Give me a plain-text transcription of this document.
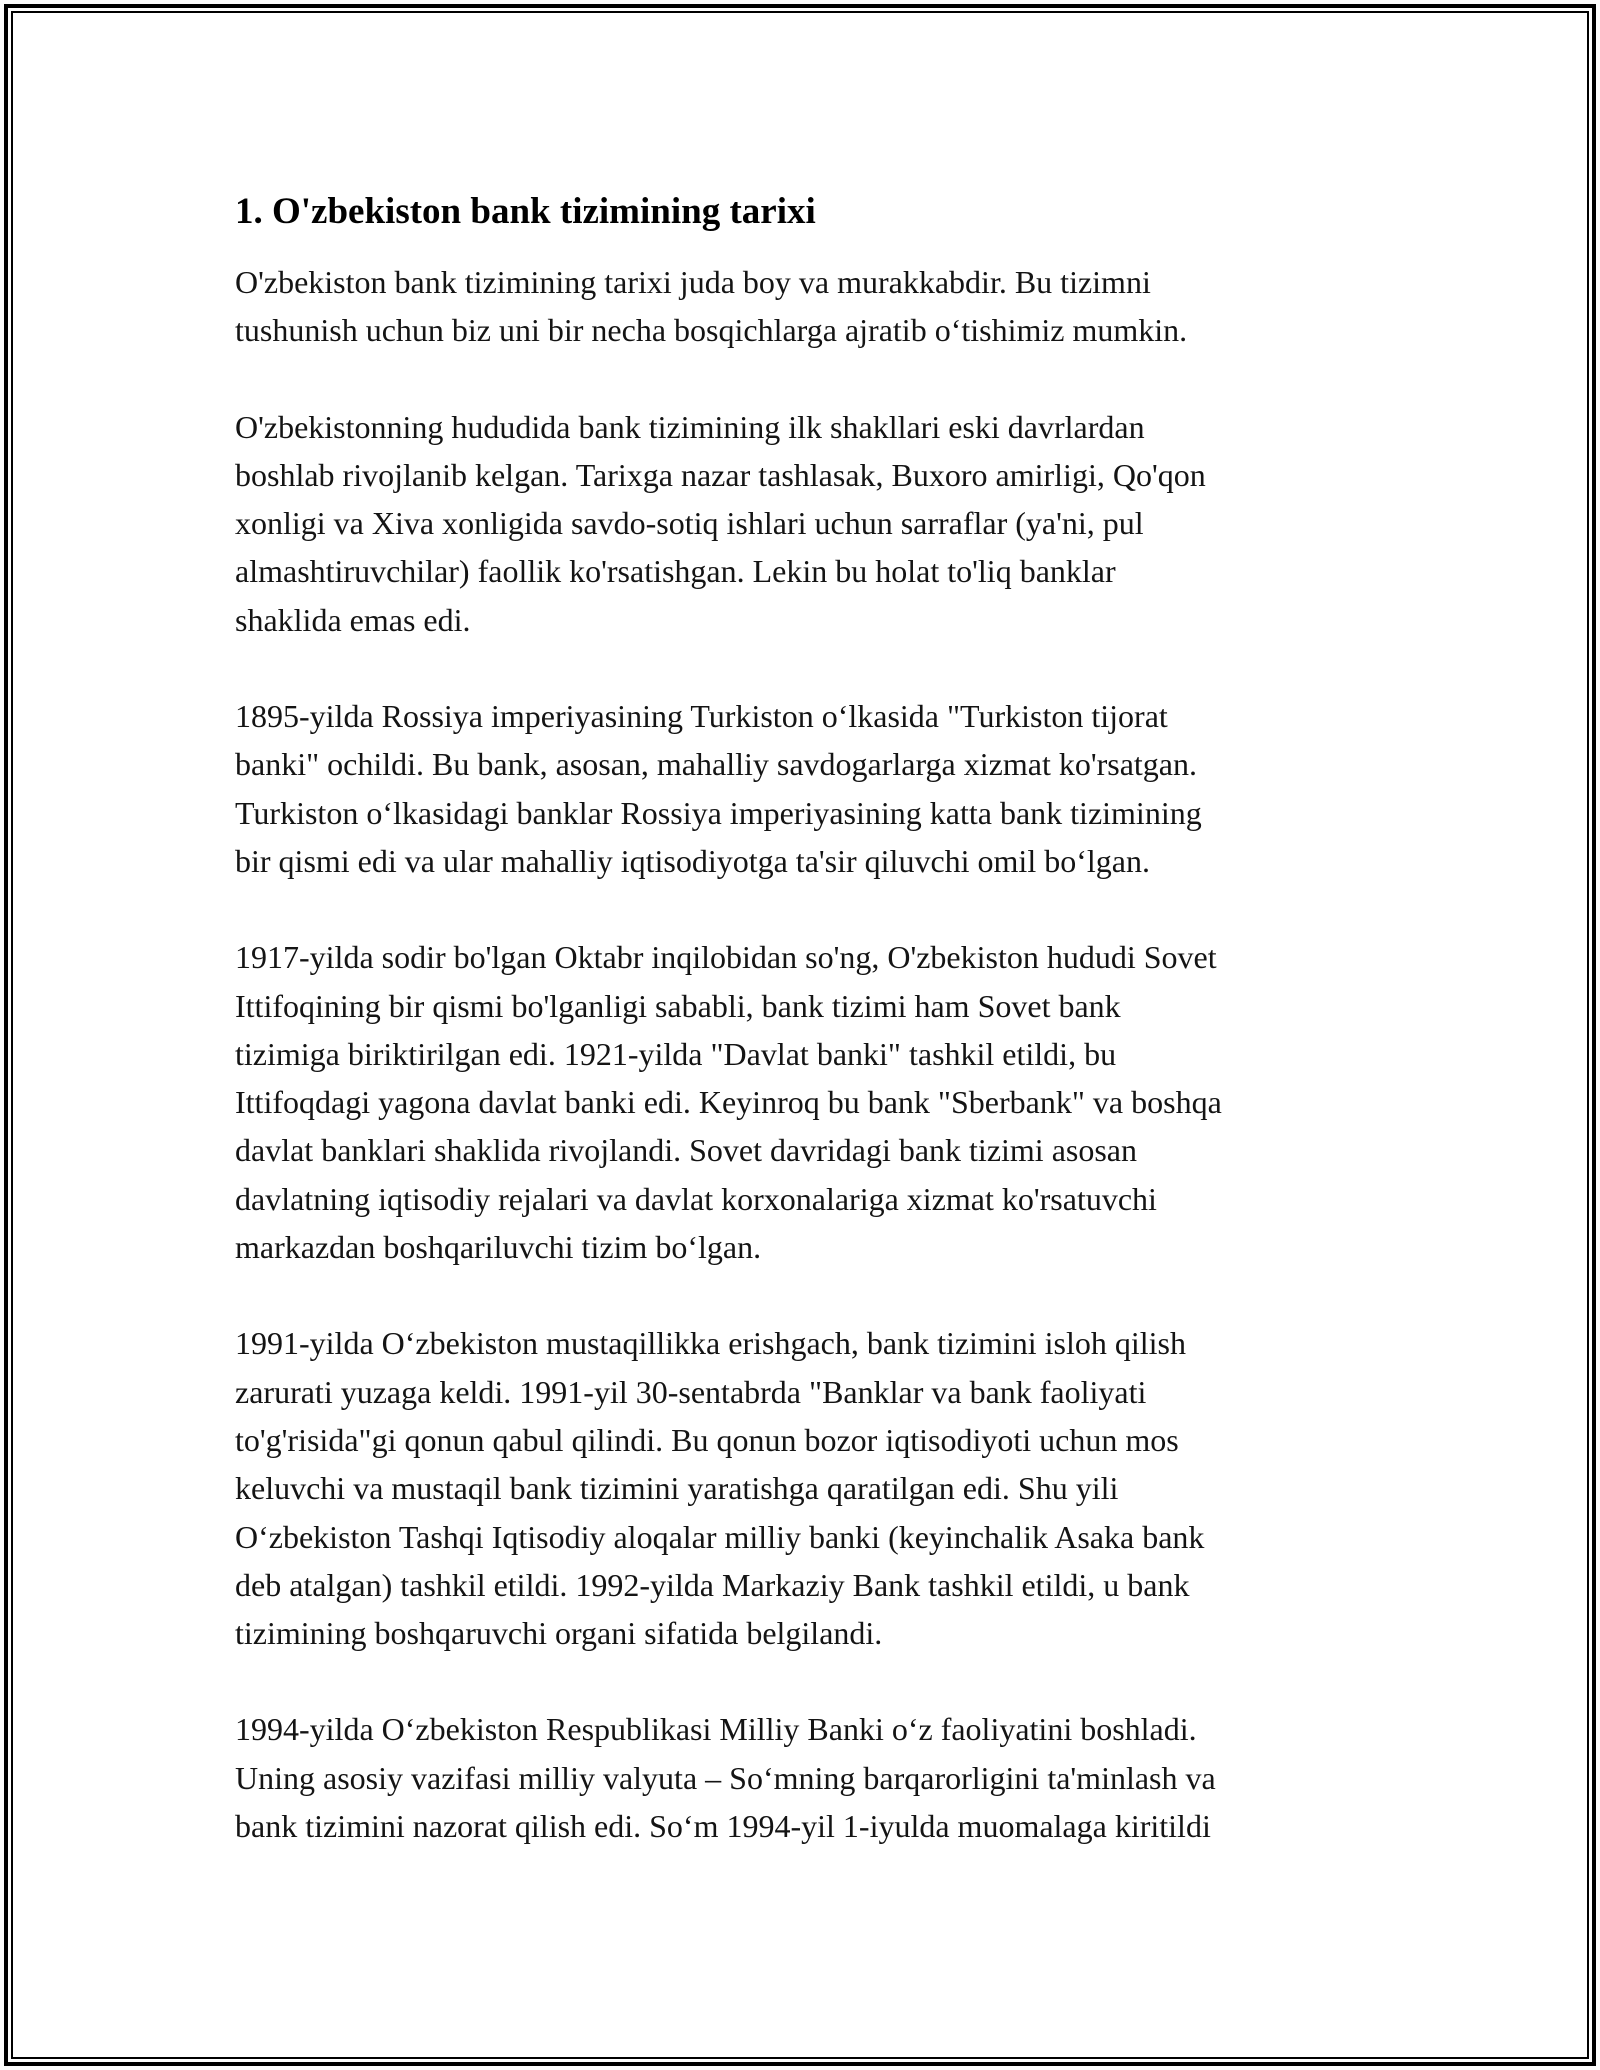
1. O'zbekiston bank tizimining tarixi

O'zbekiston bank tizimining tarixi juda boy va murakkabdir. Bu tizimni
tushunish uchun biz uni bir necha bosqichlarga ajratib o‘tishimiz mumkin.

O'zbekistonning hududida bank tizimining ilk shakllari eski davrlardan
boshlab rivojlanib kelgan. Tarixga nazar tashlasak, Buxoro amirligi, Qo'qon
xonligi va Xiva xonligida savdo-sotiq ishlari uchun sarraflar (ya'ni, pul
almashtiruvchilar) faollik ko'rsatishgan. Lekin bu holat to'liq banklar
shaklida emas edi.

1895-yilda Rossiya imperiyasining Turkiston o‘lkasida "Turkiston tijorat
banki" ochildi. Bu bank, asosan, mahalliy savdogarlarga xizmat ko'rsatgan.
Turkiston o‘lkasidagi banklar Rossiya imperiyasining katta bank tizimining
bir qismi edi va ular mahalliy iqtisodiyotga ta'sir qiluvchi omil bo‘lgan.

1917-yilda sodir bo'lgan Oktabr inqilobidan so'ng, O'zbekiston hududi Sovet
Ittifoqining bir qismi bo'lganligi sababli, bank tizimi ham Sovet bank
tizimiga biriktirilgan edi. 1921-yilda "Davlat banki" tashkil etildi, bu
Ittifoqdagi yagona davlat banki edi. Keyinroq bu bank "Sberbank" va boshqa
davlat banklari shaklida rivojlandi. Sovet davridagi bank tizimi asosan
davlatning iqtisodiy rejalari va davlat korxonalariga xizmat ko'rsatuvchi
markazdan boshqariluvchi tizim bo‘lgan.

1991-yilda O‘zbekiston mustaqillikka erishgach, bank tizimini isloh qilish
zarurati yuzaga keldi. 1991-yil 30-sentabrda "Banklar va bank faoliyati
to'g'risida"gi qonun qabul qilindi. Bu qonun bozor iqtisodiyoti uchun mos
keluvchi va mustaqil bank tizimini yaratishga qaratilgan edi. Shu yili
O‘zbekiston Tashqi Iqtisodiy aloqalar milliy banki (keyinchalik Asaka bank
deb atalgan) tashkil etildi. 1992-yilda Markaziy Bank tashkil etildi, u bank
tizimining boshqaruvchi organi sifatida belgilandi.

1994-yilda O‘zbekiston Respublikasi Milliy Banki o‘z faoliyatini boshladi.
Uning asosiy vazifasi milliy valyuta – So‘mning barqarorligini ta'minlash va
bank tizimini nazorat qilish edi. So‘m 1994-yil 1-iyulda muomalaga kiritildi
